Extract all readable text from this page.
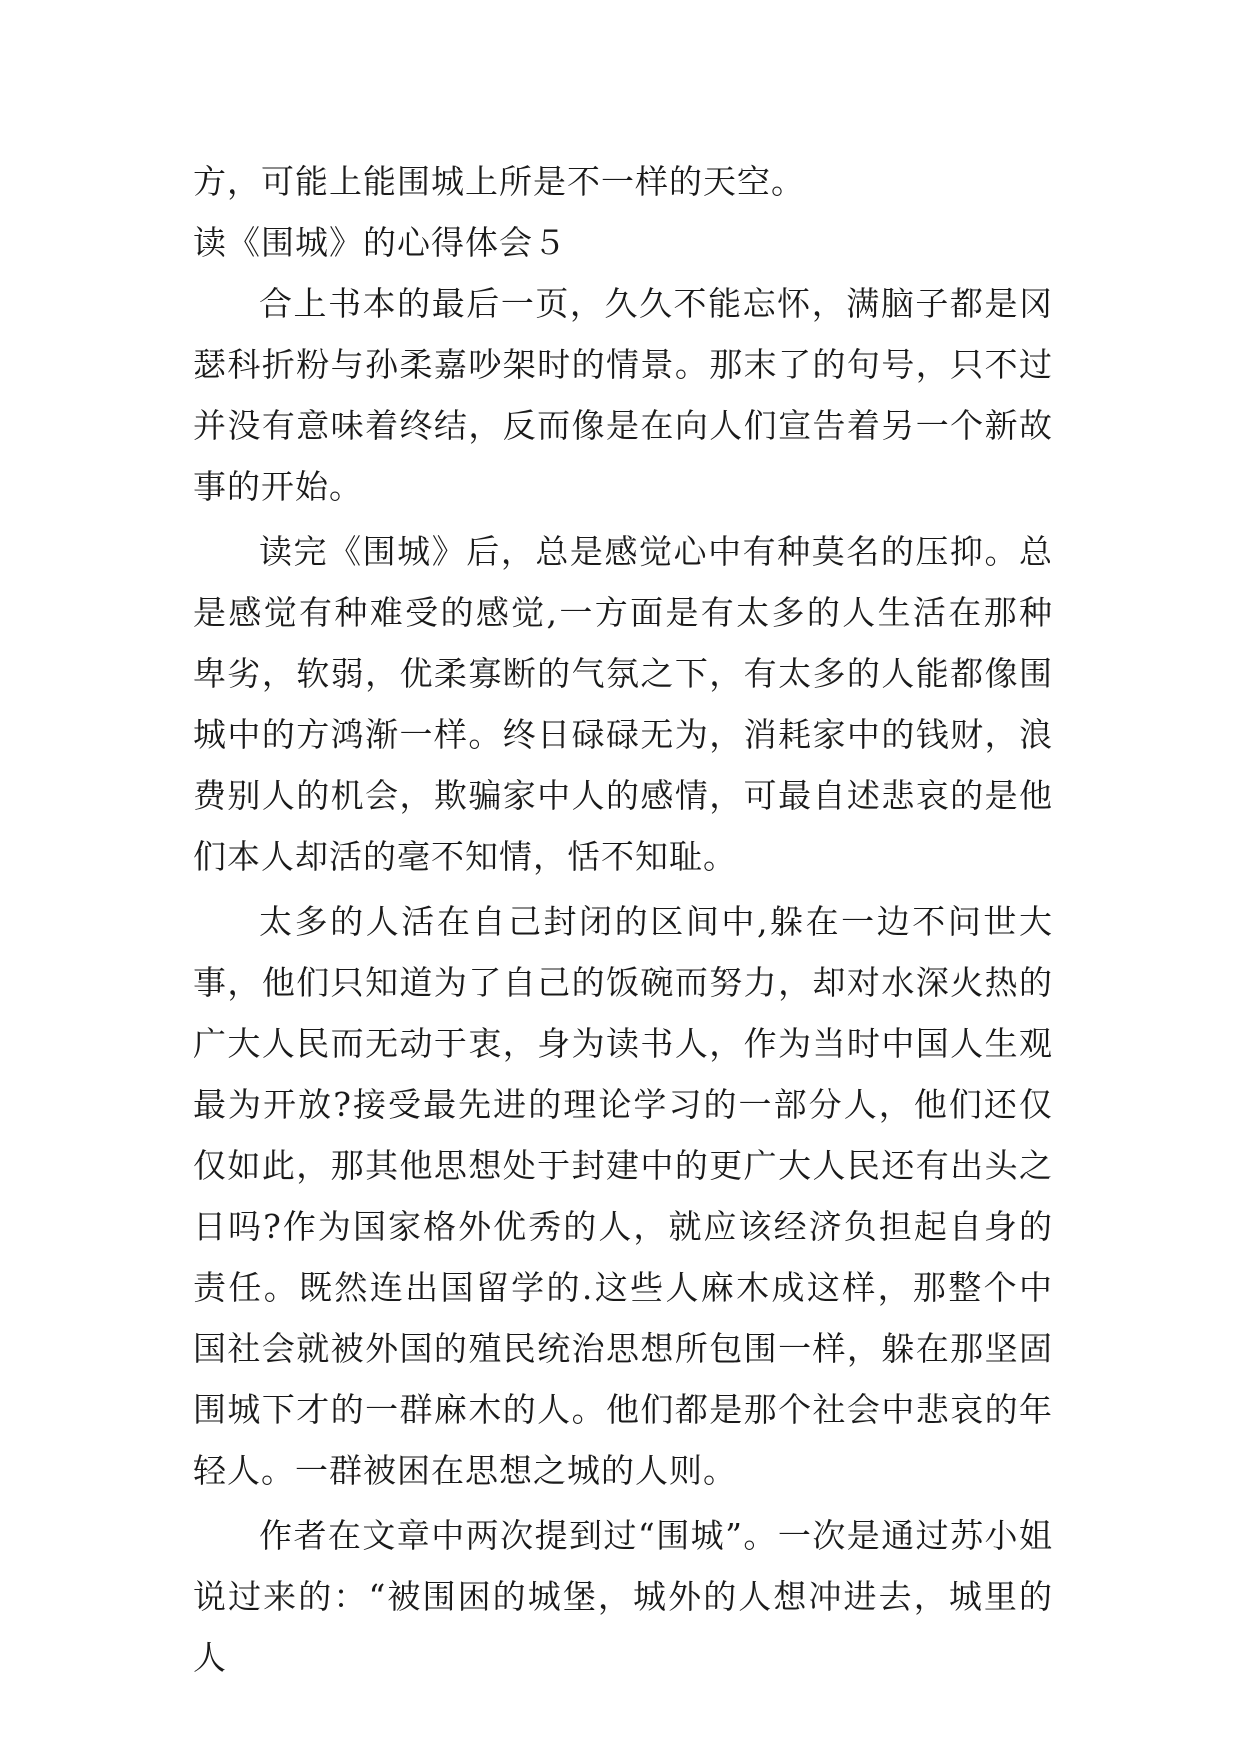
方，可能上能围城上所是不一样的天空。

读《围城》的心得体会５

合上书本的最后一页，久久不能忘怀，满脑子都是冈瑟科折粉与孙柔嘉吵架时的情景。那末了的句号，只不过并没有意味着终结，反而像是在向人们宣告着另一个新故事的开始。

读完《围城》后，总是感觉心中有种莫名的压抑。总是感觉有种难受的感觉,一方面是有太多的人生活在那种卑劣，软弱，优柔寡断的气氛之下，有太多的人能都像围城中的方鸿渐一样。终日碌碌无为，消耗家中的钱财，浪费别人的机会，欺骗家中人的感情，可最自述悲哀的是他们本人却活的毫不知情，恬不知耻。

太多的人活在自己封闭的区间中,躲在一边不问世大事，他们只知道为了自己的饭碗而努力，却对水深火热的广大人民而无动于衷，身为读书人，作为当时中国人生观最为开放?接受最先进的理论学习的一部分人，他们还仅仅如此，那其他思想处于封建中的更广大人民还有出头之日吗?作为国家格外优秀的人，就应该经济负担起自身的责任。既然连出国留学的.这些人麻木成这样，那整个中国社会就被外国的殖民统治思想所包围一样，躲在那坚固围城下才的一群麻木的人。他们都是那个社会中悲哀的年轻人。一群被困在思想之城的人则。

作者在文章中两次提到过“围城”。一次是通过苏小姐说过来的：“被围困的城堡，城外的人想冲进去，城里的人
